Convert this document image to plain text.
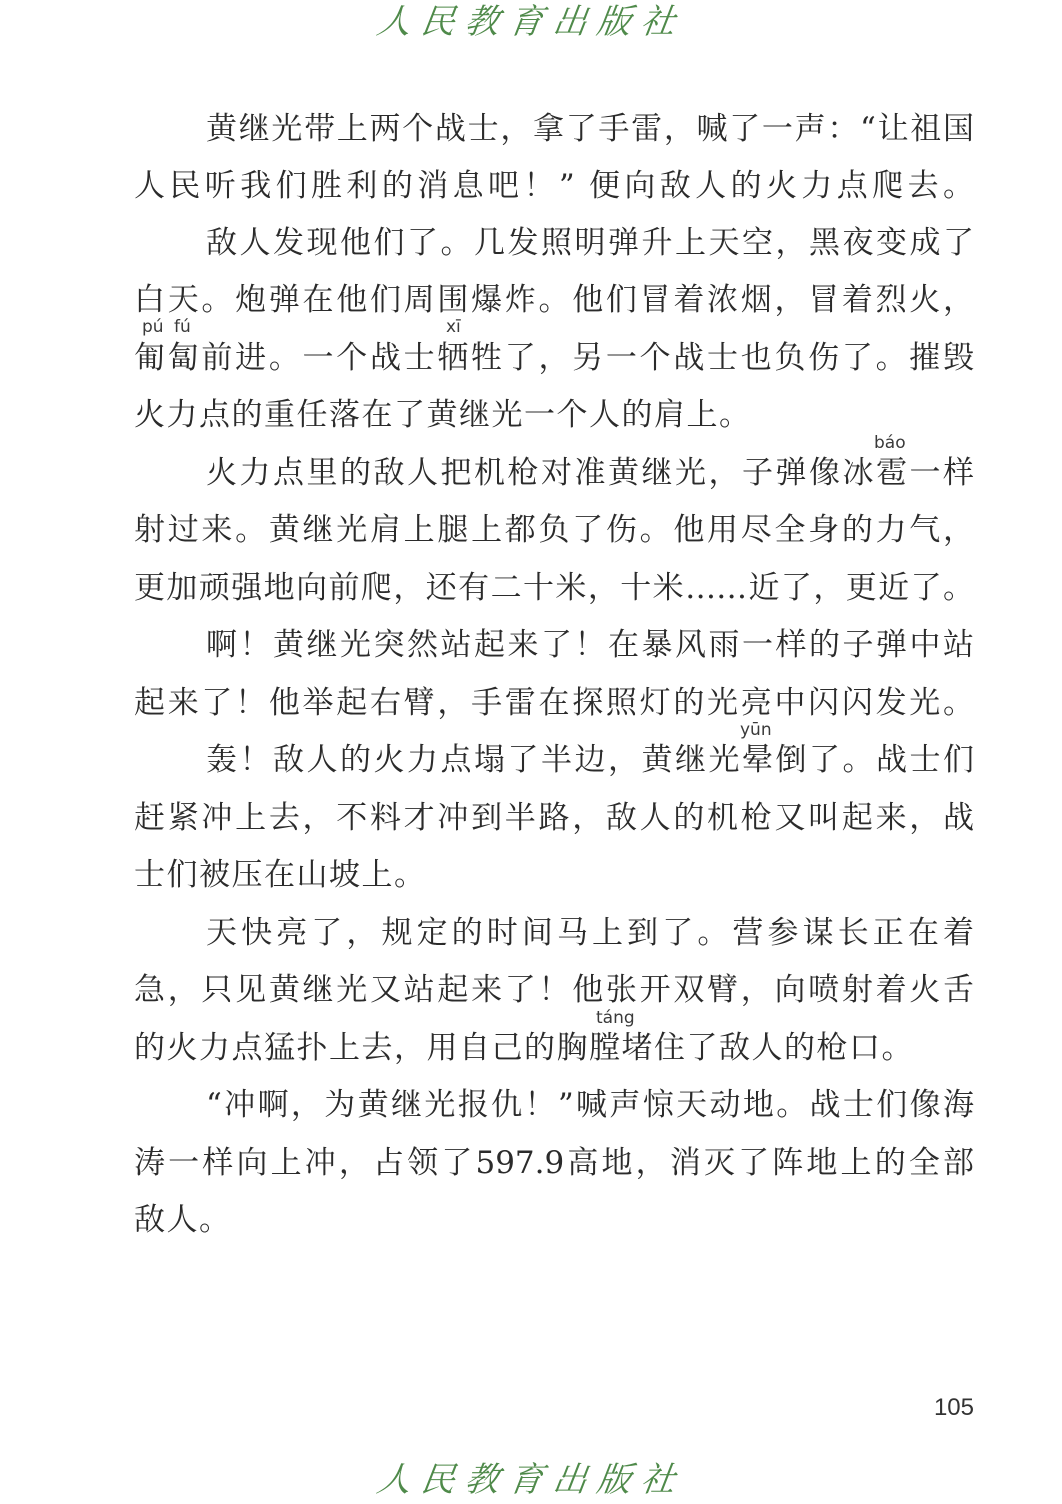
人民教育出版社
黄继光带上两个战士，拿了手雷，喊了一声：“让祖国
人民听我们胜利的消息吧！” 便向敌人的火力点爬去。
敌人发现他们了。几发照明弹升上天空，黑夜变成了
白天。炮弹在他们周围爆炸。他们冒着浓烟，冒着烈火，
pú fú	xī
匍匐前进。一个战士牺牲了，另一个战士也负伤了。摧毁
火力点的重任落在了黄继光一个人的肩上。
báo
火力点里的敌人把机枪对准黄继光，子弹像冰雹一样
射过来。黄继光肩上腿上都负了伤。他用尽全身的力气，
更加顽强地向前爬，还有二十米，十米……近了，更近了。
啊！黄继光突然站起来了！在暴风雨一样的子弹中站
起来了！他举起右臂，手雷在探照灯的光亮中闪闪发光。
yūn
轰！敌人的火力点塌了半边，黄继光晕倒了。战士们
赶紧冲上去，不料才冲到半路，敌人的机枪又叫起来，战
士们被压在山坡上。
天快亮了，规定的时间马上到了。营参谋长正在着
急，只见黄继光又站起来了！他张开双臂，向喷射着火舌
táng
的火力点猛扑上去，用自己的胸膛堵住了敌人的枪口。
“冲啊，为黄继光报仇！”喊声惊天动地。战士们像海
涛一样向上冲，占领了597.9高地，消灭了阵地上的全部
敌人。
105
人民教育出版社
